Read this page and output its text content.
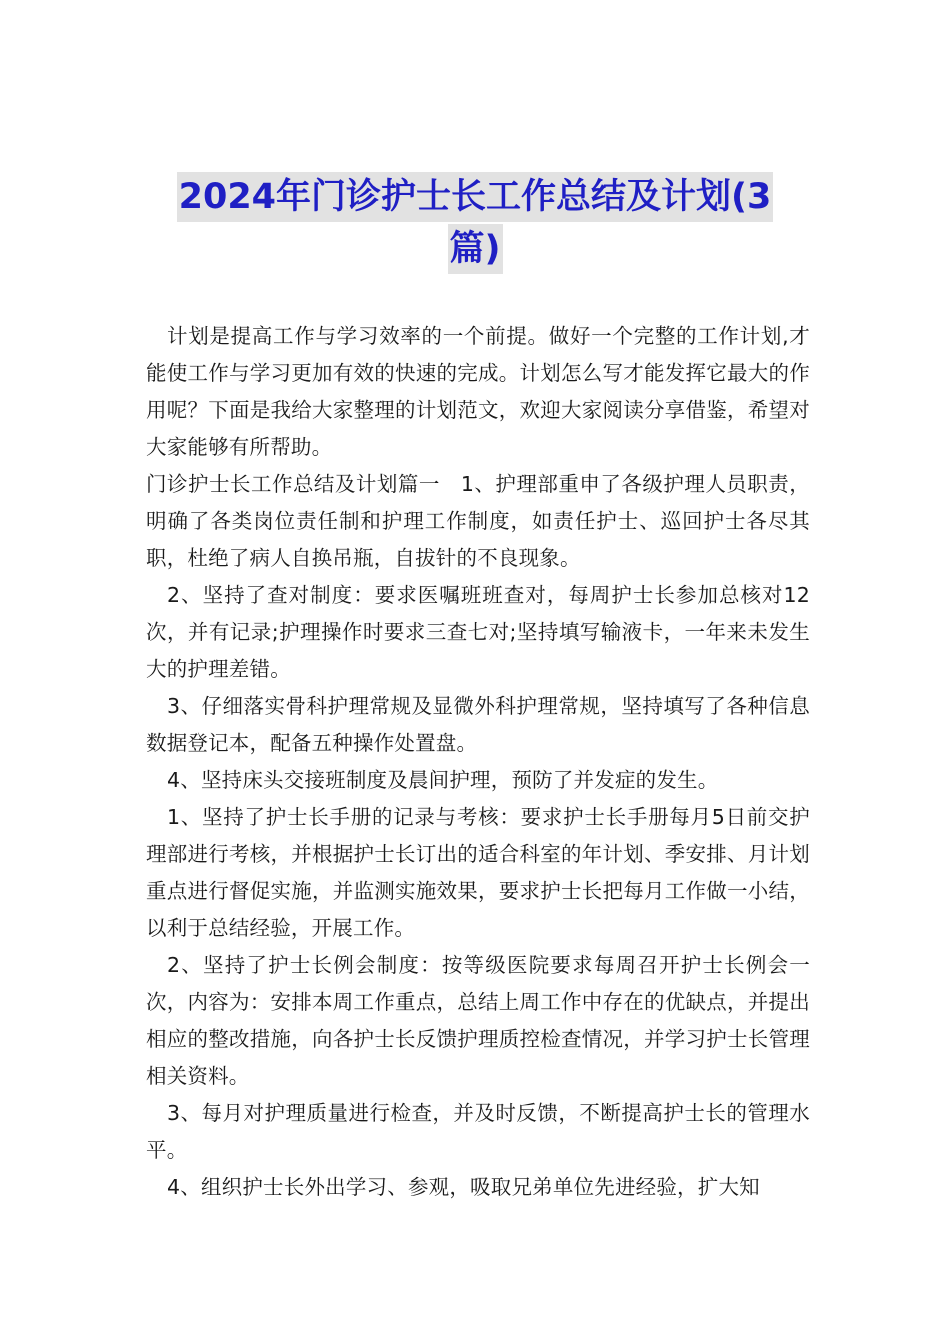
2024年门诊护士长工作总结及计划(3
篇)

计划是提高工作与学习效率的一个前提。做好一个完整的工作计划,才能使工作与学习更加有效的快速的完成。计划怎么写才能发挥它最大的作用呢？下面是我给大家整理的计划范文，欢迎大家阅读分享借鉴，希望对大家能够有所帮助。

门诊护士长工作总结及计划篇一　1、护理部重申了各级护理人员职责，明确了各类岗位责任制和护理工作制度，如责任护士、巡回护士各尽其职，杜绝了病人自换吊瓶，自拔针的不良现象。

2、坚持了查对制度：要求医嘱班班查对，每周护士长参加总核对12次，并有记录;护理操作时要求三查七对;坚持填写输液卡，一年来未发生大的护理差错。

3、仔细落实骨科护理常规及显微外科护理常规，坚持填写了各种信息数据登记本，配备五种操作处置盘。

4、坚持床头交接班制度及晨间护理，预防了并发症的发生。

1、坚持了护士长手册的记录与考核：要求护士长手册每月5日前交护理部进行考核，并根据护士长订出的适合科室的年计划、季安排、月计划重点进行督促实施，并监测实施效果，要求护士长把每月工作做一小结，以利于总结经验，开展工作。

2、坚持了护士长例会制度：按等级医院要求每周召开护士长例会一次，内容为：安排本周工作重点，总结上周工作中存在的优缺点，并提出相应的整改措施，向各护士长反馈护理质控检查情况，并学习护士长管理相关资料。

3、每月对护理质量进行检查，并及时反馈，不断提高护士长的管理水平。

4、组织护士长外出学习、参观，吸取兄弟单位先进经验，扩大知
